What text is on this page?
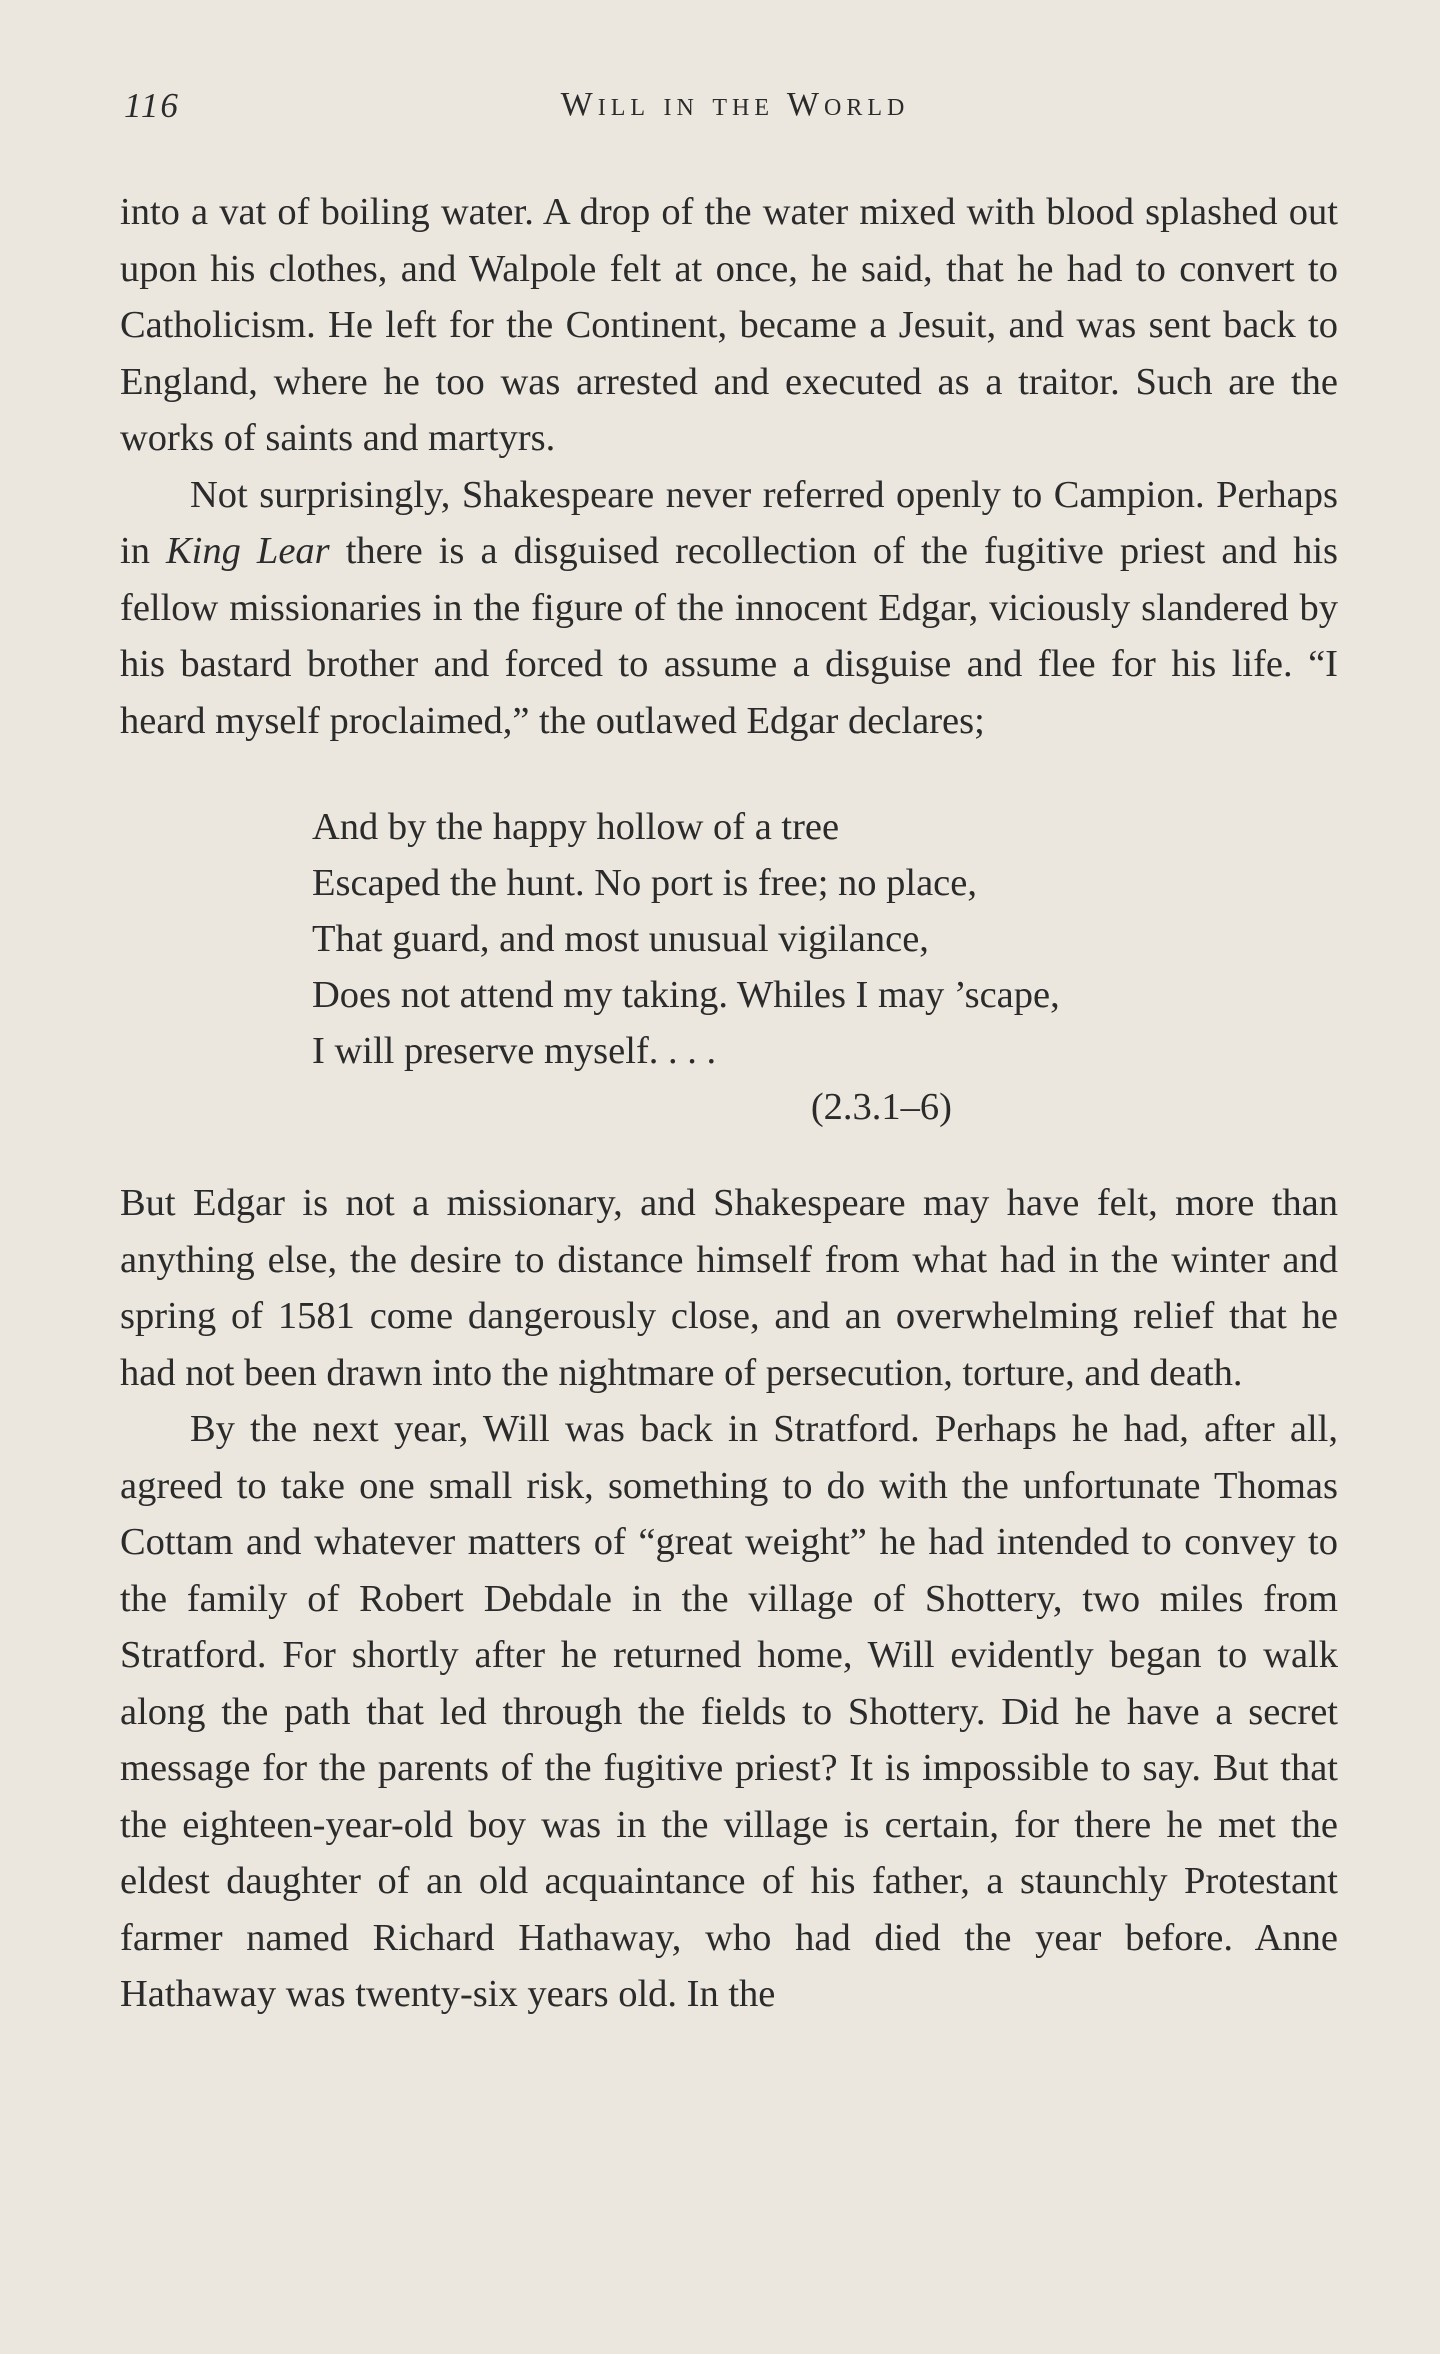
116	Will in the World

into a vat of boiling water. A drop of the water mixed with blood splashed out upon his clothes, and Walpole felt at once, he said, that he had to convert to Catholicism. He left for the Continent, became a Jesuit, and was sent back to England, where he too was arrested and executed as a traitor. Such are the works of saints and martyrs.

Not surprisingly, Shakespeare never referred openly to Campion. Perhaps in King Lear there is a disguised recollection of the fugitive priest and his fellow missionaries in the figure of the innocent Edgar, viciously slandered by his bastard brother and forced to assume a disguise and flee for his life. “I heard myself proclaimed,” the outlawed Edgar declares;

And by the happy hollow of a tree
Escaped the hunt. No port is free; no place,
That guard, and most unusual vigilance,
Does not attend my taking. Whiles I may ’scape,
I will preserve myself. . . .
(2.3.1–6)

But Edgar is not a missionary, and Shakespeare may have felt, more than anything else, the desire to distance himself from what had in the winter and spring of 1581 come dangerously close, and an overwhelming relief that he had not been drawn into the nightmare of persecution, torture, and death.

By the next year, Will was back in Stratford. Perhaps he had, after all, agreed to take one small risk, something to do with the unfortunate Thomas Cottam and whatever matters of “great weight” he had intended to convey to the family of Robert Debdale in the village of Shottery, two miles from Stratford. For shortly after he returned home, Will evidently began to walk along the path that led through the fields to Shottery. Did he have a secret message for the parents of the fugitive priest? It is impossible to say. But that the eighteen-year-old boy was in the village is certain, for there he met the eldest daughter of an old acquaintance of his father, a staunchly Protestant farmer named Richard Hathaway, who had died the year before. Anne Hathaway was twenty-six years old. In the
